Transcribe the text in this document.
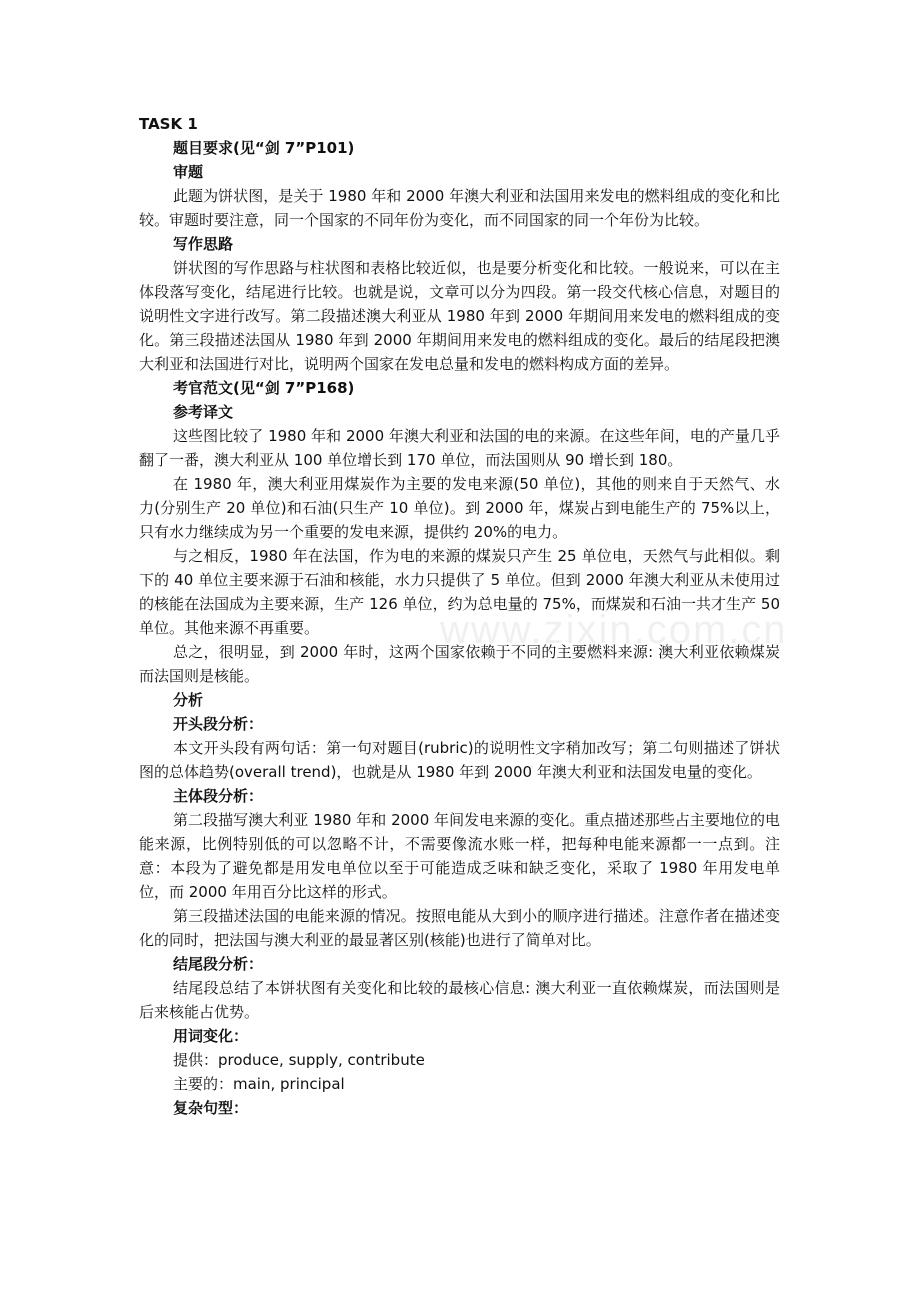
www.zixin.com.cn

TASK 1

题目要求(见“剑 7”P101)

审题

此题为饼状图，是关于 1980 年和 2000 年澳大利亚和法国用来发电的燃料组成的变化和比较。审题时要注意，同一个国家的不同年份为变化，而不同国家的同一个年份为比较。

写作思路

饼状图的写作思路与柱状图和表格比较近似，也是要分析变化和比较。一般说来，可以在主体段落写变化，结尾进行比较。也就是说，文章可以分为四段。第一段交代核心信息，对题目的说明性文字进行改写。第二段描述澳大利亚从 1980 年到 2000 年期间用来发电的燃料组成的变化。第三段描述法国从 1980 年到 2000 年期间用来发电的燃料组成的变化。最后的结尾段把澳大利亚和法国进行对比，说明两个国家在发电总量和发电的燃料构成方面的差异。

考官范文(见“剑 7”P168)

参考译文

这些图比较了 1980 年和 2000 年澳大利亚和法国的电的来源。在这些年间，电的产量几乎翻了一番，澳大利亚从 100 单位增长到 170 单位，而法国则从 90 增长到 180。

在 1980 年，澳大利亚用煤炭作为主要的发电来源(50 单位)，其他的则来自于天然气、水力(分别生产 20 单位)和石油(只生产 10 单位)。到 2000 年，煤炭占到电能生产的 75%以上，只有水力继续成为另一个重要的发电来源，提供约 20%的电力。

与之相反，1980 年在法国，作为电的来源的煤炭只产生 25 单位电，天然气与此相似。剩下的 40 单位主要来源于石油和核能，水力只提供了 5 单位。但到 2000 年澳大利亚从未使用过的核能在法国成为主要来源，生产 126 单位，约为总电量的 75%，而煤炭和石油一共才生产 50 单位。其他来源不再重要。

总之，很明显，到 2000 年时，这两个国家依赖于不同的主要燃料来源: 澳大利亚依赖煤炭而法国则是核能。

分析

开头段分析：

本文开头段有两句话：第一句对题目(rubric)的说明性文字稍加改写；第二句则描述了饼状图的总体趋势(overall trend)，也就是从 1980 年到 2000 年澳大利亚和法国发电量的变化。

主体段分析：

第二段描写澳大利亚 1980 年和 2000 年间发电来源的变化。重点描述那些占主要地位的电能来源，比例特别低的可以忽略不计，不需要像流水账一样，把每种电能来源都一一点到。注意：本段为了避免都是用发电单位以至于可能造成乏味和缺乏变化，采取了 1980 年用发电单位，而 2000 年用百分比这样的形式。

第三段描述法国的电能来源的情况。按照电能从大到小的顺序进行描述。注意作者在描述变化的同时，把法国与澳大利亚的最显著区别(核能)也进行了简单对比。

结尾段分析：

结尾段总结了本饼状图有关变化和比较的最核心信息: 澳大利亚一直依赖煤炭，而法国则是后来核能占优势。

用词变化：

提供：produce, supply, contribute

主要的：main, principal

复杂句型：
